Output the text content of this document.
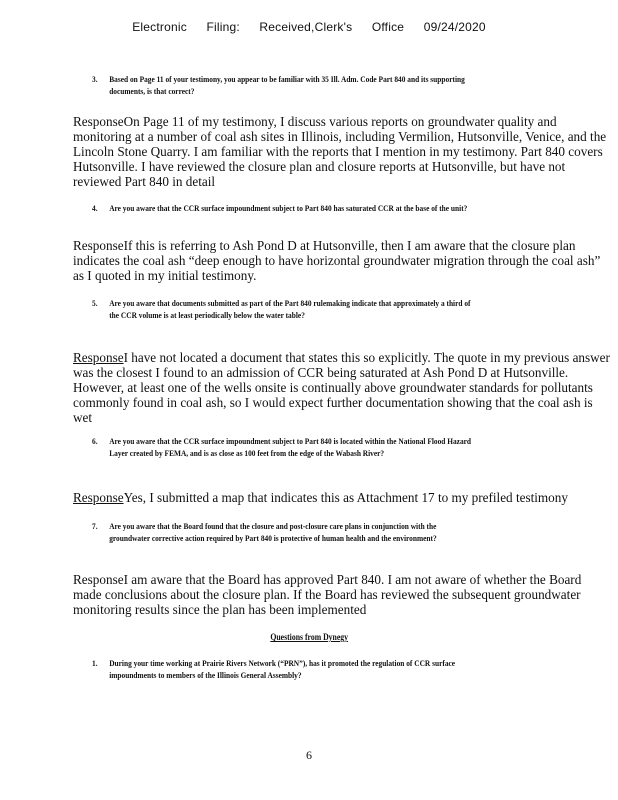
Electronic Filing: Received,Clerk's Office 09/24/2020
3. Based on Page 11 of your testimony, you appear to be familiar with 35 Ill. Adm. Code Part 840 and its supporting documents, is that correct?
ResponseOn Page 11 of my testimony, I discuss various reports on groundwater quality and monitoring at a number of coal ash sites in Illinois, including Vermilion, Hutsonville, Venice, and the Lincoln Stone Quarry. I am familiar with the reports that I mention in my testimony. Part 840 covers Hutsonville. I have reviewed the closure plan and closure reports at Hutsonville, but have not reviewed Part 840 in detail
4. Are you aware that the CCR surface impoundment subject to Part 840 has saturated CCR at the base of the unit?
ResponseIf this is referring to Ash Pond D at Hutsonville, then I am aware that the closure plan indicates the coal ash “deep enough to have horizontal groundwater migration through the coal ash” as I quoted in my initial testimony.
5. Are you aware that documents submitted as part of the Part 840 rulemaking indicate that approximately a third of the CCR volume is at least periodically below the water table?
ResponseI have not located a document that states this so explicitly. The quote in my previous answer was the closest I found to an admission of CCR being saturated at Ash Pond D at Hutsonville. However, at least one of the wells onsite is continually above groundwater standards for pollutants commonly found in coal ash, so I would expect further documentation showing that the coal ash is wet
6. Are you aware that the CCR surface impoundment subject to Part 840 is located within the National Flood Hazard Layer created by FEMA, and is as close as 100 feet from the edge of the Wabash River?
ResponseYes, I submitted a map that indicates this as Attachment 17 to my prefiled testimony
7. Are you aware that the Board found that the closure and post-closure care plans in conjunction with the groundwater corrective action required by Part 840 is protective of human health and the environment?
ResponseI am aware that the Board has approved Part 840. I am not aware of whether the Board made conclusions about the closure plan. If the Board has reviewed the subsequent groundwater monitoring results since the plan has been implemented
Questions from Dynegy
1. During your time working at Prairie Rivers Network (“PRN”), has it promoted the regulation of CCR surface impoundments to members of the Illinois General Assembly?
6
